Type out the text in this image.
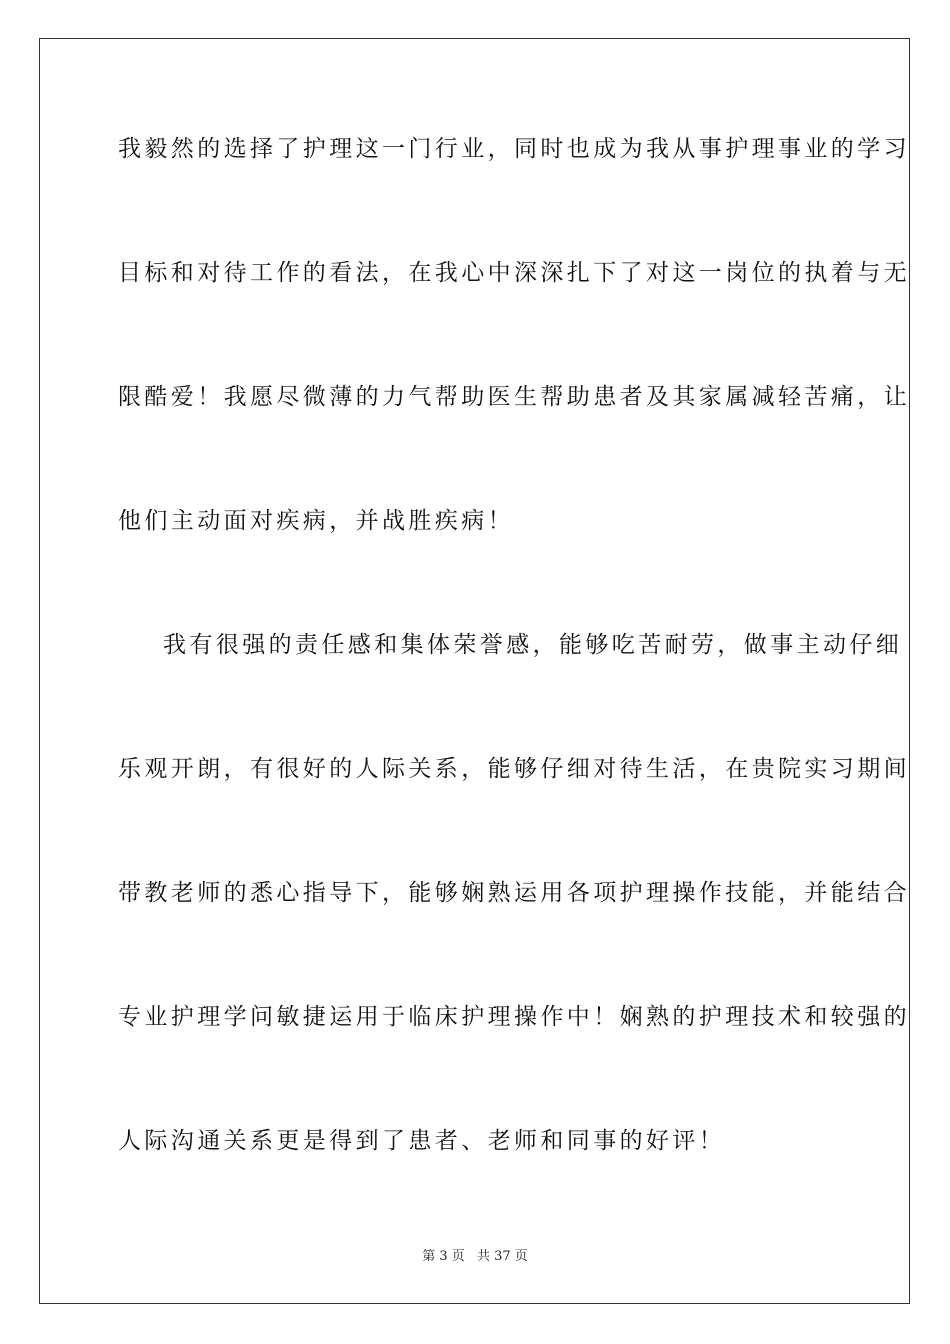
我毅然的选择了护理这一门行业，同时也成为我从事护理事业的学习
目标和对待工作的看法，在我心中深深扎下了对这一岗位的执着与无
限酷爱！我愿尽微薄的力气帮助医生帮助患者及其家属减轻苦痛，让
他们主动面对疾病，并战胜疾病！
我有很强的责任感和集体荣誉感，能够吃苦耐劳，做事主动仔细
乐观开朗，有很好的人际关系，能够仔细对待生活，在贵院实习期间
带教老师的悉心指导下，能够娴熟运用各项护理操作技能，并能结合
专业护理学问敏捷运用于临床护理操作中！娴熟的护理技术和较强的
人际沟通关系更是得到了患者、老师和同事的好评！
第 3 页 共 37 页
